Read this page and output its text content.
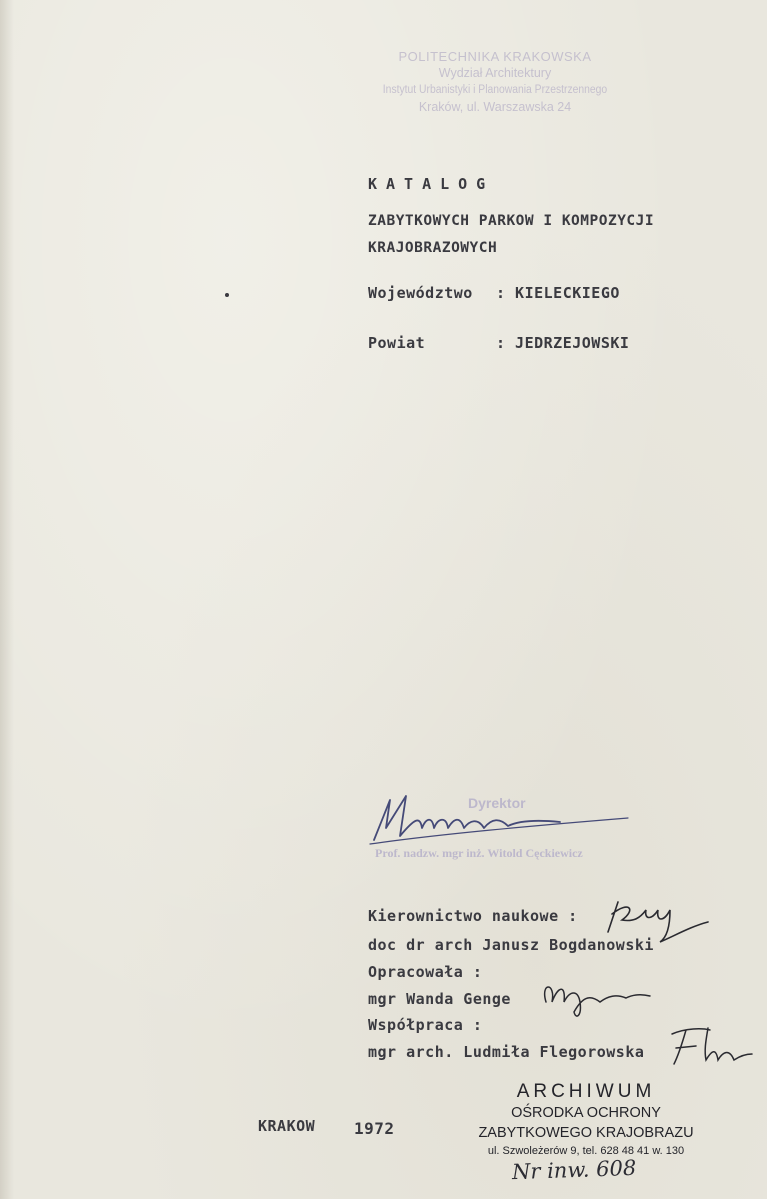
POLITECHNIKA KRAKOWSKA
Wydział Architektury
Instytut Urbanistyki i Planowania Przestrzennego
Kraków, ul. Warszawska 24
KATALOG
ZABYTKOWYCH PARKOW I KOMPOZYCJI
KRAJOBRAZOWYCH
Województwo : KIELECKIEGO
Powiat	: JEDRZEJOWSKI
Dyrektor
Prof. nadzw. mgr inż. Witold Cęckiewicz
Kierownictwo naukowe :
doc dr arch Janusz Bogdanowski
Opracowała :
mgr Wanda Genge
Współpraca :
mgr arch. Ludmiła Flegorowska
KRAKOW 1972
ARCHIWUM
OŚRODKA OCHRONY
ZABYTKOWEGO KRAJOBRAZU
ul. Szwoleżerów 9, tel. 628 48 41 w. 130
Nr inw. 608
